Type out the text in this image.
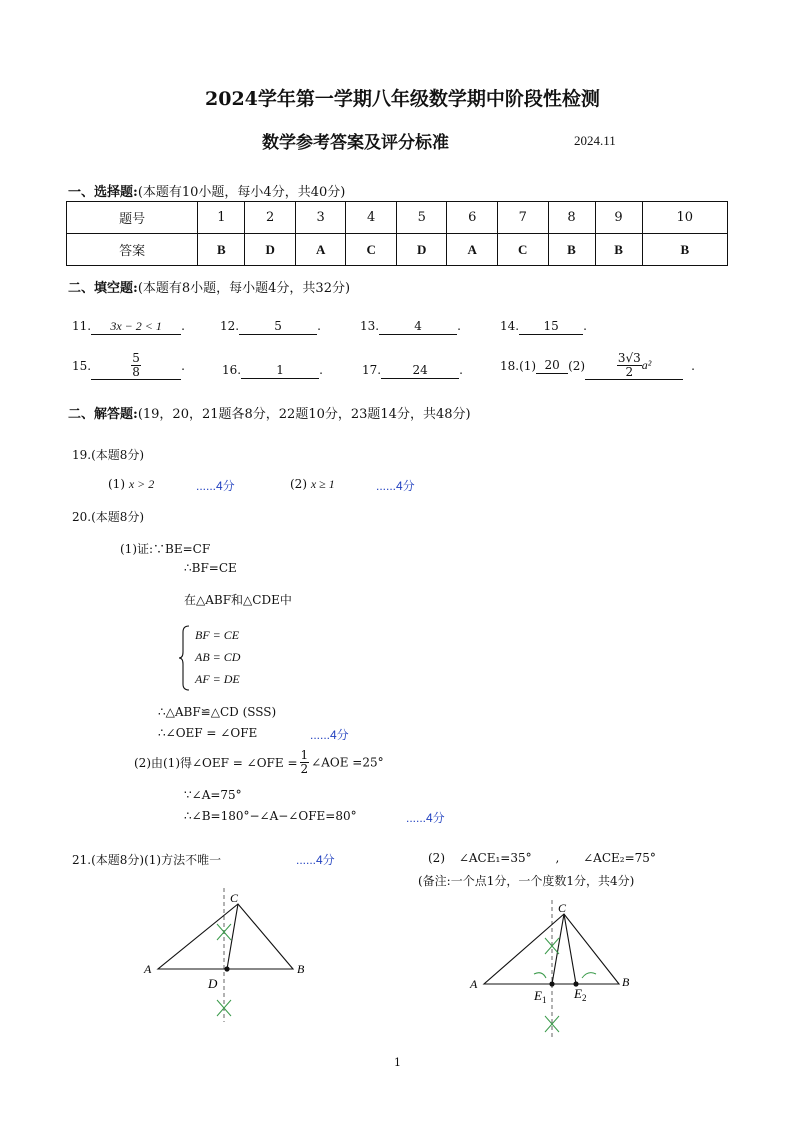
2024学年第一学期八年级数学期中阶段性检测
数学参考答案及评分标准	2024.11
一、选择题:(本题有10小题，每小4分，共40分)
题号	1	2	3	4	5	6	7	8	9	10
答案	B	D	A	C	D	A	C	B	B	B
二、填空题:(本题有8小题，每小题4分，共32分)
11. 3x − 2 < 1 .	12.	5	.	13.	4	.	14. 15 .
15.	$\frac{5}{8}$	.	16.	1	.	17.	24	.	18.(1) 20 (2)	$\frac{3√3}{2} a^2$	.
二、解答题:(19，20，21题各8分，22题10分，23题14分，共48分)
19.(本题8分)
(1) x > 2	......4分	(2) x ≥ 1	......4分
20.(本题8分)
(1)证:∵BE=CF
∴BF=CE
在△ABF和△CDE中
BF = CE
AB = CD
AF = DE
∴△ABF≌△CD (SSS)
∴∠OEF = ∠OFE	......4分
(2)由(1)得∠OEF = ∠OFE = $\frac{1}{2}$ ∠AOE =25°
∵∠A=75°
∴∠B=180°−∠A−∠OFE=80°	......4分
21.(本题8分)(1)方法不唯一	......4分	(2) ∠ACE₁=35° , ∠ACE₂=75°
(备注:一个点1分，一个度数1分，共4分)
C
A	B
D
C
A	B
$E_1$ $E_2$
1
